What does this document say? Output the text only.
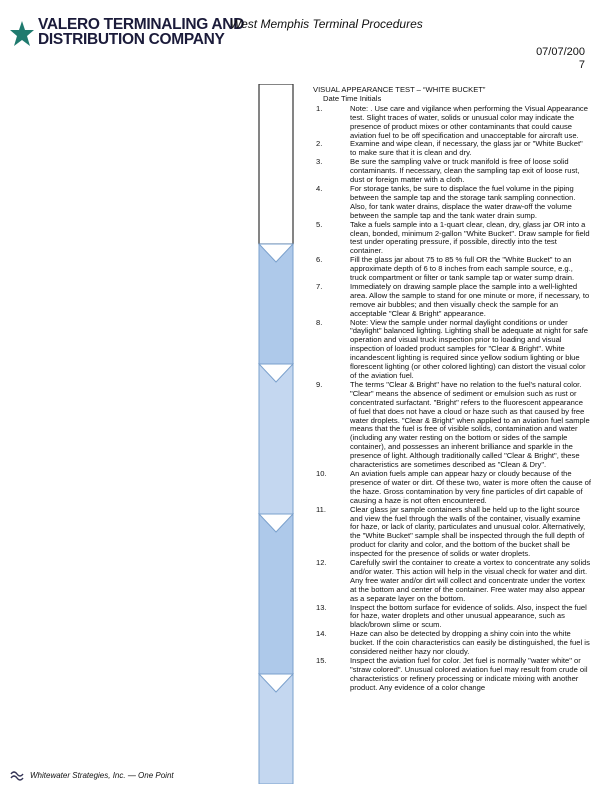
VALERO TERMINALING AND
DISTRIBUTION COMPANY
West Memphis Terminal Procedures
07/07/200
7
VISUAL APPEARANCE TEST – “WHITE BUCKET”
Date Time Initials
1.	Note: . Use care and vigilance when performing the Visual Appearance test. Slight traces of water, solids or unusual color may indicate the presence of product mixes or other contaminants that could cause aviation fuel to be off specification and unacceptable for aircraft use.
2.	Examine and wipe clean, if necessary, the glass jar or "White Bucket" to make sure that it is clean and dry.
3.	Be sure the sampling valve or truck manifold is free of loose solid contaminants. If necessary, clean the sampling tap exit of loose rust, dust or foreign matter with a cloth.
4.	For storage tanks, be sure to displace the fuel volume in the piping between the sample tap and the storage tank sampling connection. Also, for tank water drains, displace the water draw-off the volume between the sample tap and the tank water drain sump.
5.	Take a fuels sample into a 1-quart clear, clean, dry, glass jar OR into a clean, bonded, minimum 2-gallon "White Bucket". Draw sample for field test under operating pressure, if possible, directly into the test container.
6.	Fill the glass jar about 75 to 85 % full OR the "White Bucket" to an approximate depth of 6 to 8 inches from each sample source, e.g., truck compartment or filter or tank sample tap or water sump drain.
7.	Immediately on drawing sample place the sample into a well-lighted area. Allow the sample to stand for one minute or more, if necessary, to remove air bubbles; and then visually check the sample for an acceptable "Clear & Bright" appearance.
8.	Note: View the sample under normal daylight conditions or under "daylight" balanced lighting. Lighting shall be adequate at night for safe operation and visual truck inspection prior to loading and visual inspection of loaded product samples for "Clear & Bright". White incandescent lighting is required since yellow sodium lighting or blue florescent lighting (or other colored lighting) can distort the visual color of the aviation fuel.
9.	The terms "Clear & Bright" have no relation to the fuel's natural color. "Clear" means the absence of sediment or emulsion such as rust or concentrated surfactant. "Bright" refers to the fluorescent appearance of fuel that does not have a cloud or haze such as that caused by free water droplets. "Clear & Bright" when applied to an aviation fuel sample means that the fuel is free of visible solids, contamination and water (including any water resting on the bottom or sides of the sample container), and possesses an inherent brilliance and sparkle in the presence of light. Although traditionally called "Clear & Bright", these characteristics are sometimes described as "Clean & Dry".
10.	An aviation fuels ample can appear hazy or cloudy because of the presence of water or dirt. Of these two, water is more often the cause of the haze. Gross contamination by very fine particles of dirt capable of causing a haze is not often encountered.
11.	Clear glass jar sample containers shall be held up to the light source and view the fuel through the walls of the container, visually examine for haze, or lack of clarity, particulates and unusual color. Alternatively, the "White Bucket" sample shall be inspected through the full depth of product for clarity and color, and the bottom of the bucket shall be inspected for the presence of solids or water droplets.
12.	Carefully swirl the container to create a vortex to concentrate any solids and/or water. This action will help in the visual check for water and dirt. Any free water and/or dirt will collect and concentrate under the vortex at the bottom and center of the container. Free water may also appear as a separate layer on the bottom.
13.	Inspect the bottom surface for evidence of solids. Also, inspect the fuel for haze, water droplets and other unusual appearance, such as black/brown slime or scum.
14.	Haze can also be detected by dropping a shiny coin into the white bucket. If the coin characteristics can easily be distinguished, the fuel is considered neither hazy nor cloudy.
15.	Inspect the aviation fuel for color. Jet fuel is normally "water white" or "straw colored". Unusual colored aviation fuel may result from crude oil characteristics or refinery processing or indicate mixing with another product. Any evidence of a color change
Whitewater Strategies, Inc. — One Point
